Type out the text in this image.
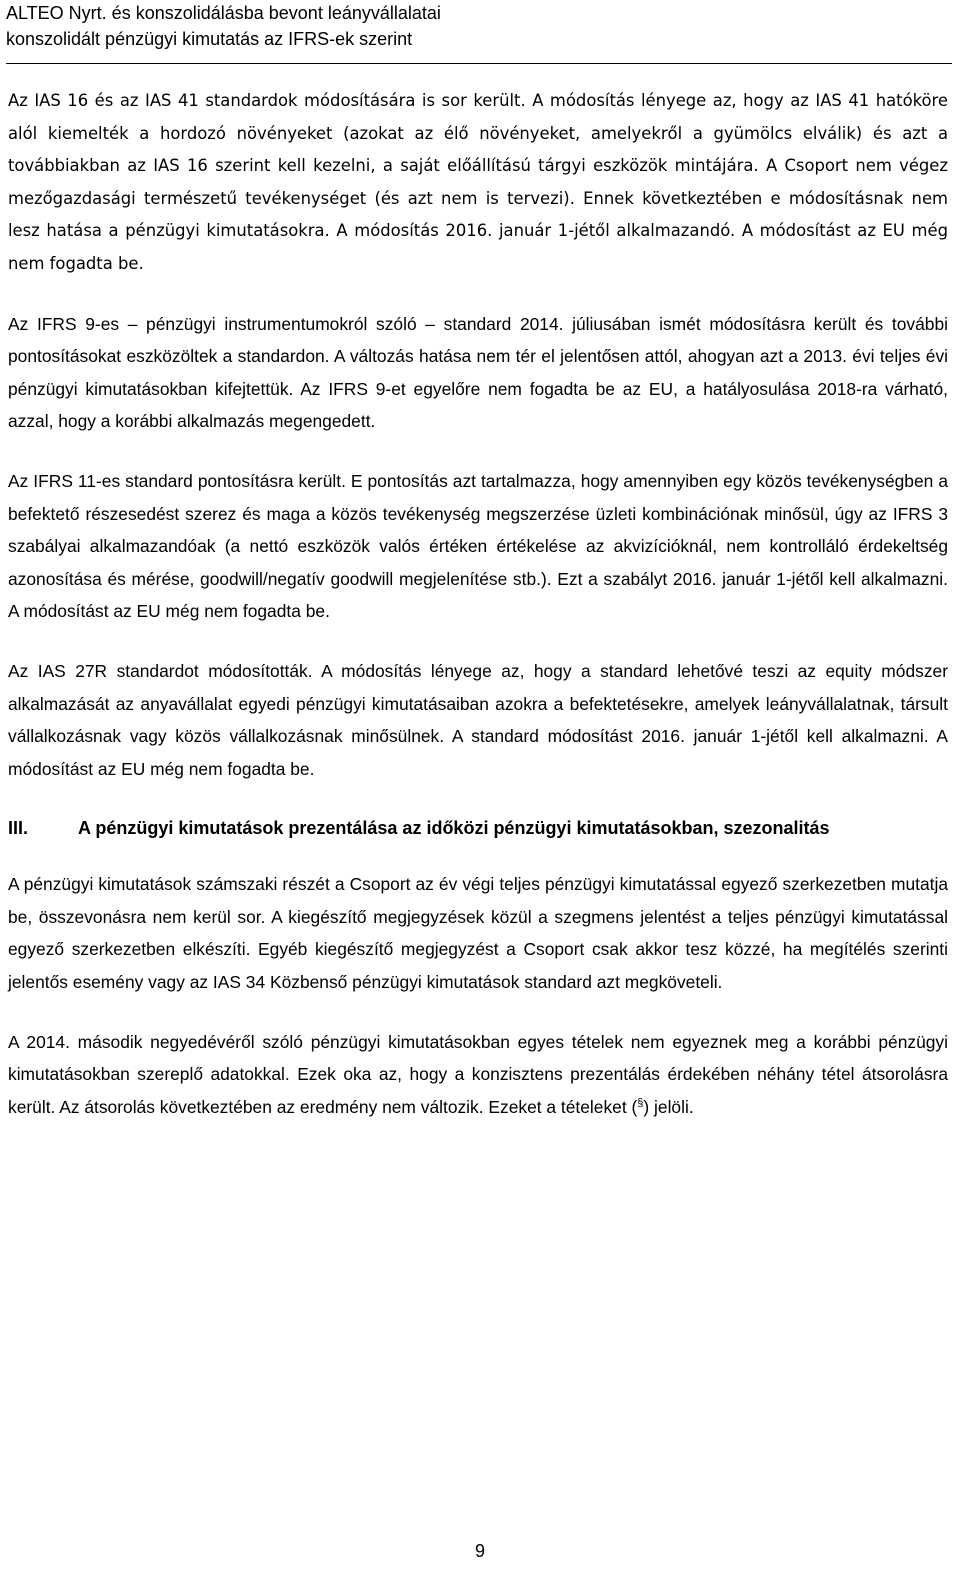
ALTEO Nyrt. és konszolidálásba bevont leányvállalatai
konszolidált pénzügyi kimutatás az IFRS-ek szerint

Az IAS 16 és az IAS 41 standardok módosítására is sor került. A módosítás lényege az, hogy az IAS 41 hatóköre alól kiemelték a hordozó növényeket (azokat az élő növényeket, amelyekről a gyümölcs elválik) és azt a továbbiakban az IAS 16 szerint kell kezelni, a saját előállítású tárgyi eszközök mintájára. A Csoport nem végez mezőgazdasági természetű tevékenységet (és azt nem is tervezi). Ennek következtében e módosításnak nem lesz hatása a pénzügyi kimutatásokra. A módosítás 2016. január 1-jétől alkalmazandó. A módosítást az EU még nem fogadta be.

Az IFRS 9-es – pénzügyi instrumentumokról szóló – standard 2014. júliusában ismét módosításra került és további pontosításokat eszközöltek a standardon. A változás hatása nem tér el jelentősen attól, ahogyan azt a 2013. évi teljes évi pénzügyi kimutatásokban kifejtettük. Az IFRS 9-et egyelőre nem fogadta be az EU, a hatályosulása 2018-ra várható, azzal, hogy a korábbi alkalmazás megengedett.

Az IFRS 11-es standard pontosításra került. E pontosítás azt tartalmazza, hogy amennyiben egy közös tevékenységben a befektető részesedést szerez és maga a közös tevékenység megszerzése üzleti kombinációnak minősül, úgy az IFRS 3 szabályai alkalmazandóak (a nettó eszközök valós értéken értékelése az akvizícióknál, nem kontrolláló érdekeltség azonosítása és mérése, goodwill/negatív goodwill megjelenítése stb.). Ezt a szabályt 2016. január 1-jétől kell alkalmazni. A módosítást az EU még nem fogadta be.

Az IAS 27R standardot módosították. A módosítás lényege az, hogy a standard lehetővé teszi az equity módszer alkalmazását az anyavállalat egyedi pénzügyi kimutatásaiban azokra a befektetésekre, amelyek leányvállalatnak, társult vállalkozásnak vagy közös vállalkozásnak minősülnek. A standard módosítást 2016. január 1-jétől kell alkalmazni. A módosítást az EU még nem fogadta be.

III.	A pénzügyi kimutatások prezentálása az időközi pénzügyi kimutatásokban, szezonalitás

A pénzügyi kimutatások számszaki részét a Csoport az év végi teljes pénzügyi kimutatással egyező szerkezetben mutatja be, összevonásra nem kerül sor. A kiegészítő megjegyzések közül a szegmens jelentést a teljes pénzügyi kimutatással egyező szerkezetben elkészíti. Egyéb kiegészítő megjegyzést a Csoport csak akkor tesz közzé, ha megítélés szerinti jelentős esemény vagy az IAS 34 Közbenső pénzügyi kimutatások standard azt megköveteli.

A 2014. második negyedévéről szóló pénzügyi kimutatásokban egyes tételek nem egyeznek meg a korábbi pénzügyi kimutatásokban szereplő adatokkal. Ezek oka az, hogy a konzisztens prezentálás érdekében néhány tétel átsorolásra került. Az átsorolás következtében az eredmény nem változik. Ezeket a tételeket (§) jelöli.

9
